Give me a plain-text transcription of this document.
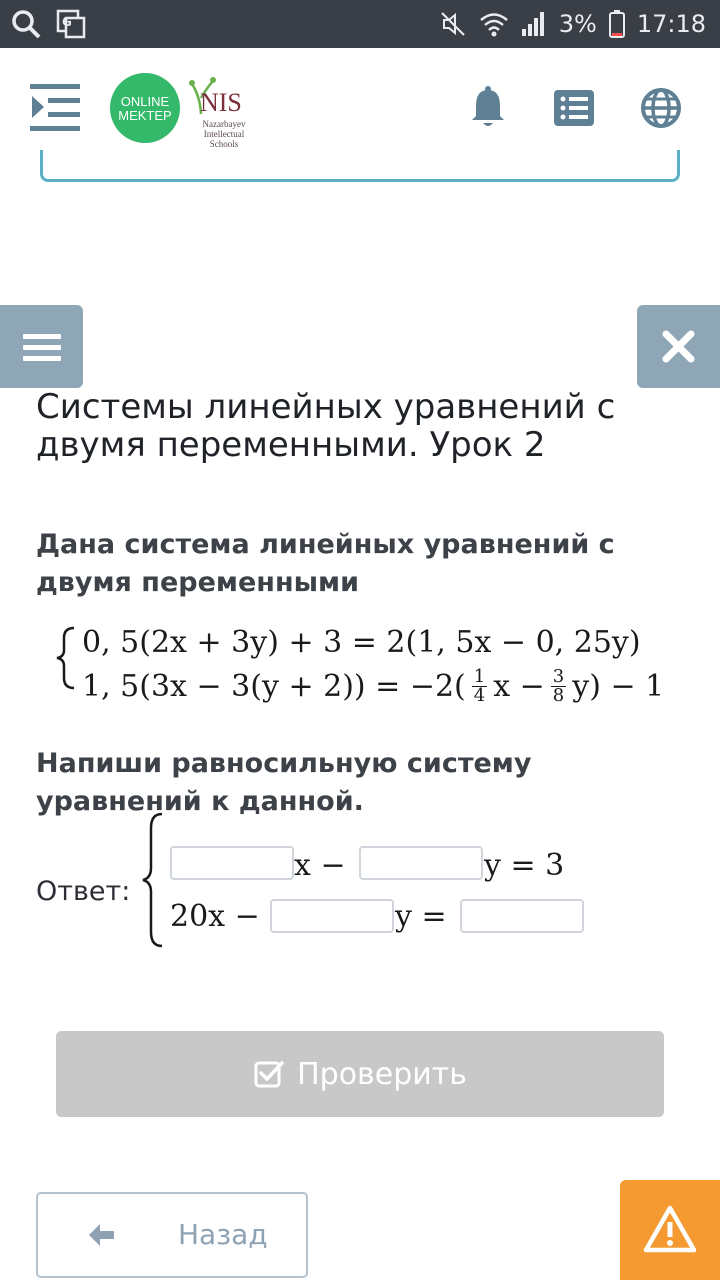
G	3% 17:18
ONLINE
MEKTEP	NIS
Nazarbayev
Intellectual
Schools
Системы линейных уравнений с двумя переменными. Урок 2
Дана система линейных уравнений с двумя переменными
0, 5(2x + 3y) + 3 = 2(1, 5x − 0, 25y)
1, $5(3x - 3(y + 2)) = -2( \frac{1}{4}$ $x - \frac{3}{8} y) - 1$
Напиши равносильную систему уравнений к данной.
Ответ:
x −	y = 3
20x −	y =
Проверить
Назад
